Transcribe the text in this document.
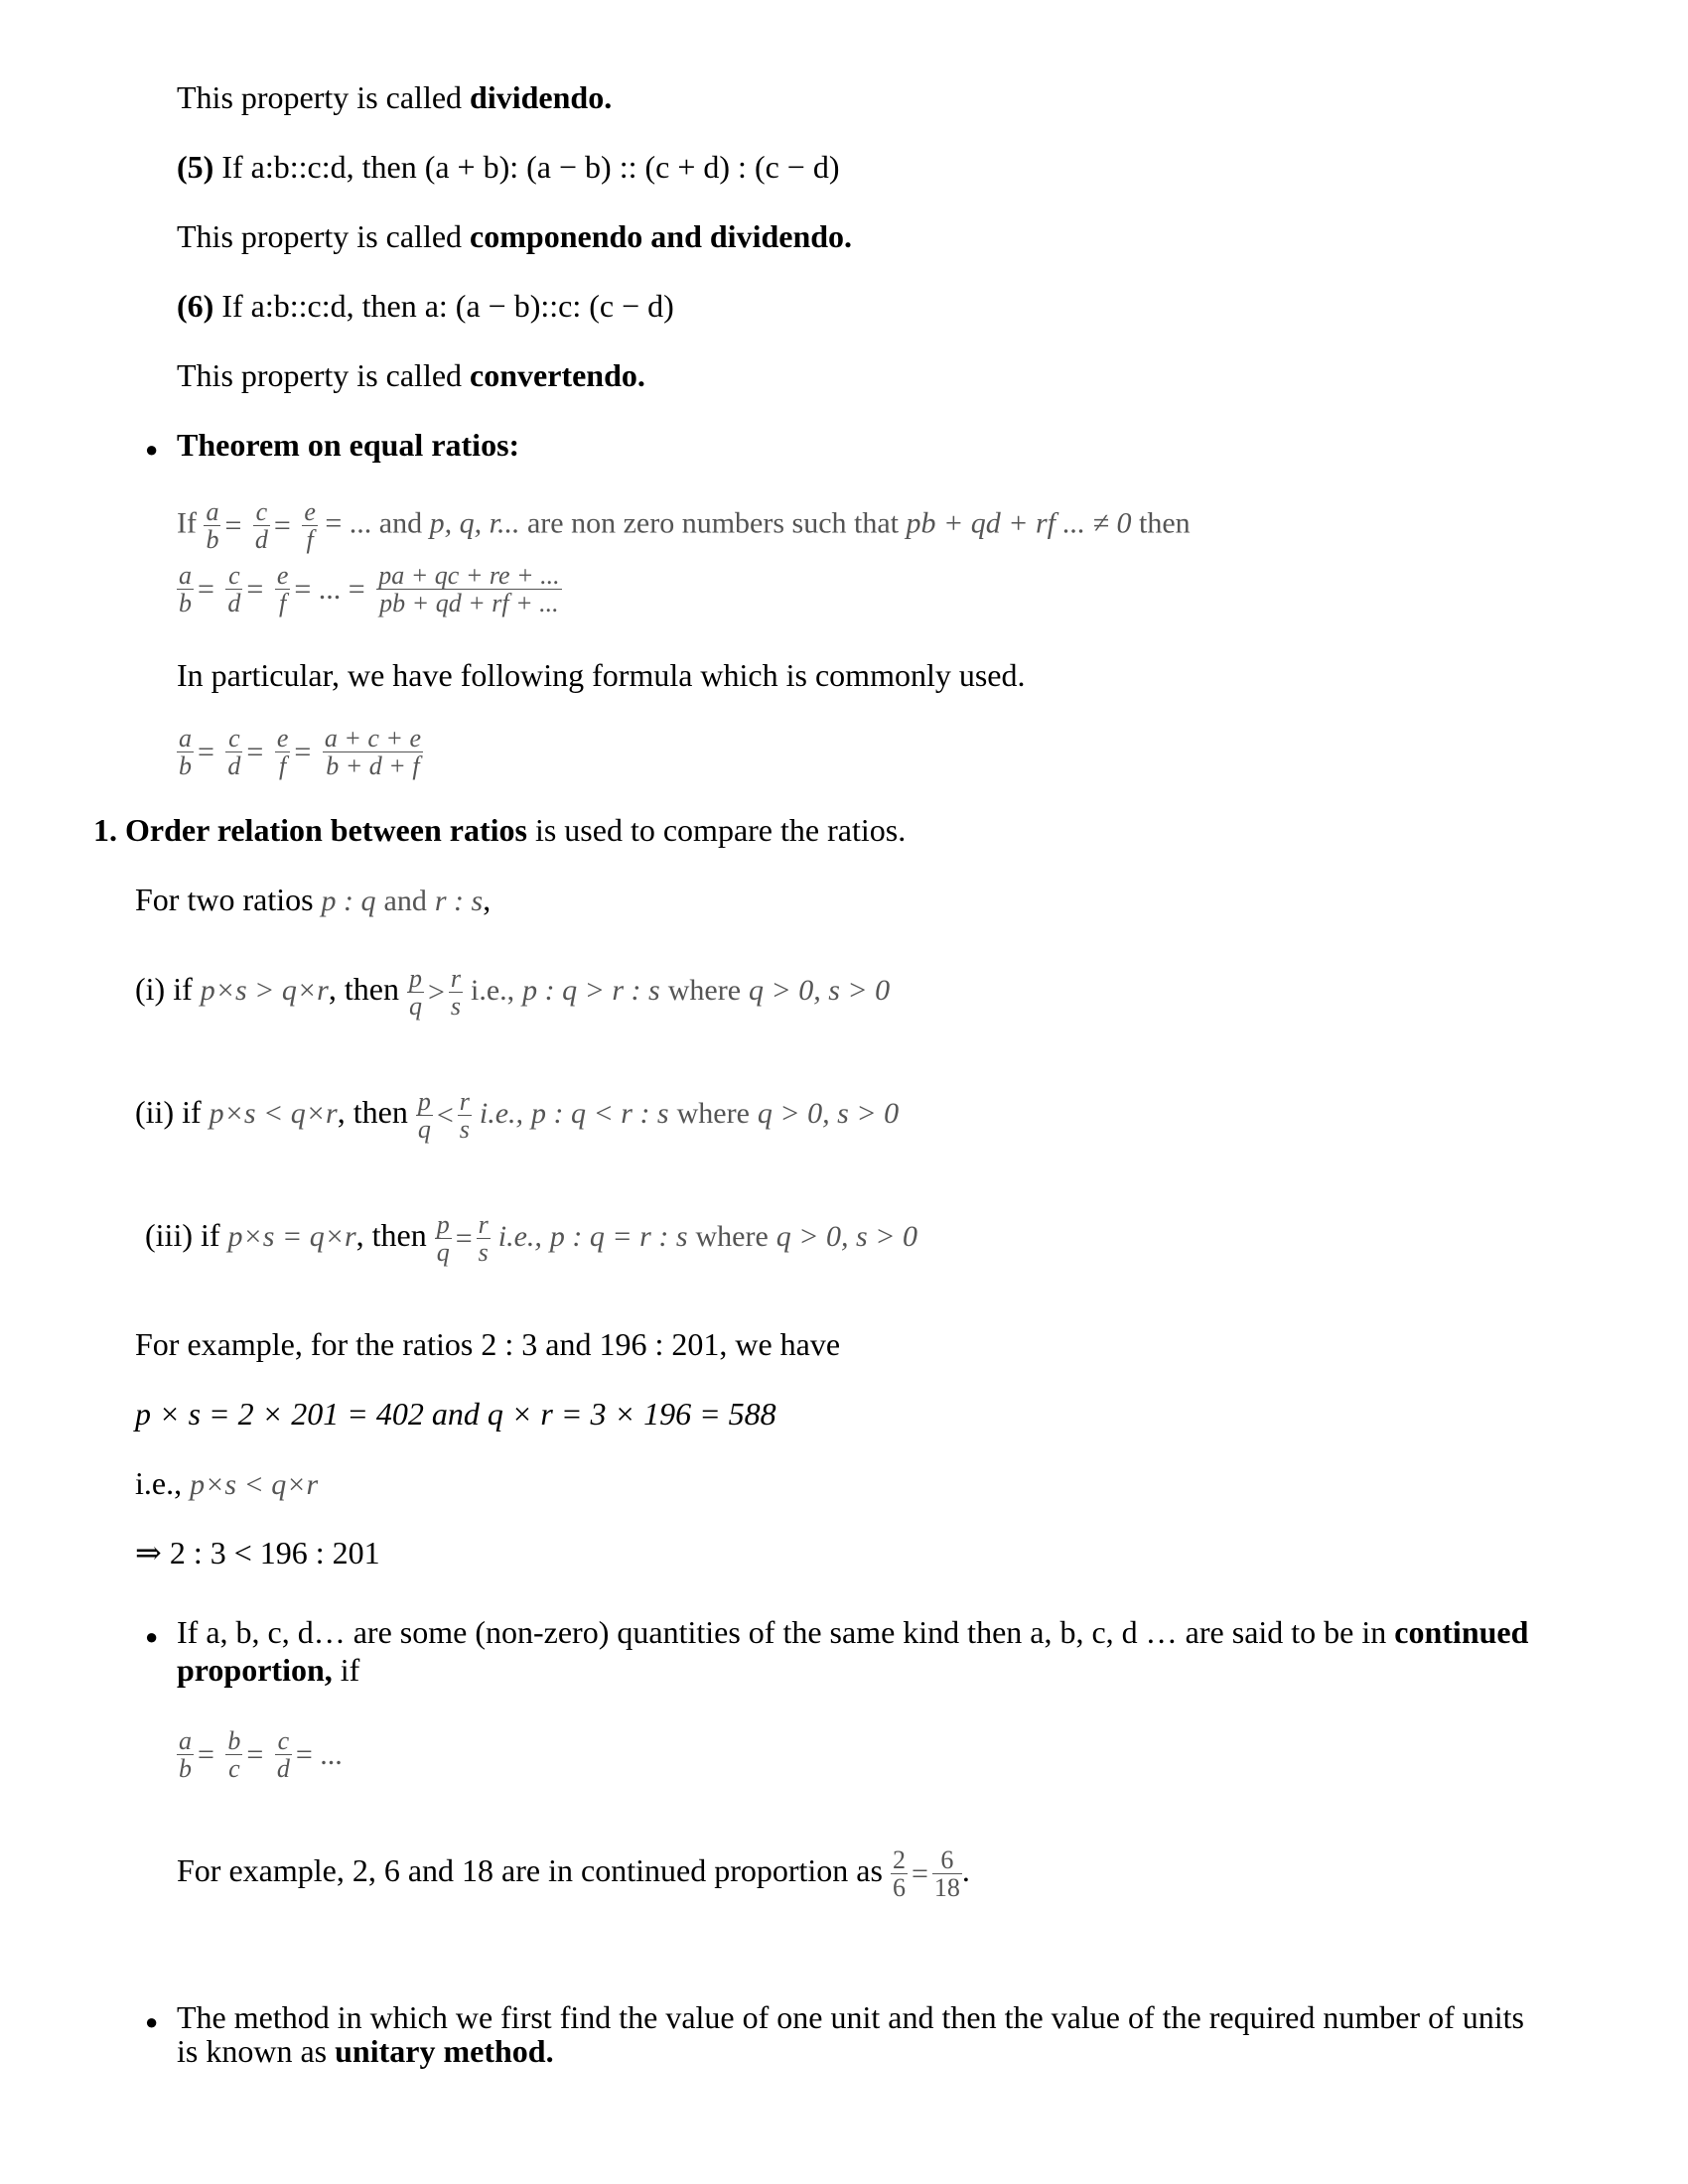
This property is called dividendo.
(5) If a:b::c:d, then (a + b): (a − b) :: (c + d) : (c − d)
This property is called componendo and dividendo.
(6) If a:b::c:d, then a: (a − b)::c: (c − d)
This property is called convertendo.
● Theorem on equal ratios:
If $\frac{a}{b} = \frac{c}{d} = \frac{e}{f}$ = ... and p, q, r... are non zero numbers such that pb + qd + rf ... ≠ 0 then
$\frac{a}{b} = \frac{c}{d} = \frac{e}{f}$ = ... = $\frac{pa + qc + re + ...}{pb + qd + rf + ...}$
In particular, we have following formula which is commonly used.
$\frac{a}{b} = \frac{c}{d} = \frac{e}{f} = \frac{a + c + e}{b + d + f}$
1. Order relation between ratios is used to compare the ratios.
For two ratios p : q and r : s,
(i) if p×s > q×r, then $\frac{p}{q} > \frac{r}{s} i.e$., p : q > r : s where q > 0, s > 0
(ii) if p×s < q×r, then $\frac{p}{q} < \frac{r}{s} i.e$., p : q < r : s where q > 0, s > 0
(iii) if p×s = q×r, then $\frac{p}{q} = \frac{r}{s} i.e$., p : q = r : s where q > 0, s > 0
For example, for the ratios 2 : 3 and 196 : 201, we have
p × s = 2 × 201 = 402 and q × r = 3 × 196 = 588
i.e., p×s < q×r
⇒ 2 : 3 < 196 : 201
● If a, b, c, d… are some (non-zero) quantities of the same kind then a, b, c, d … are said to be in continued
proportion, if
$\frac{a}{b} = \frac{b}{c} = \frac{c}{d}$ = ...
For example, 2, 6 and 18 are in continued proportion as $\frac{2}{6} = \frac{6}{18}$ .
● The method in which we first find the value of one unit and then the value of the required number of units
is known as unitary method.
